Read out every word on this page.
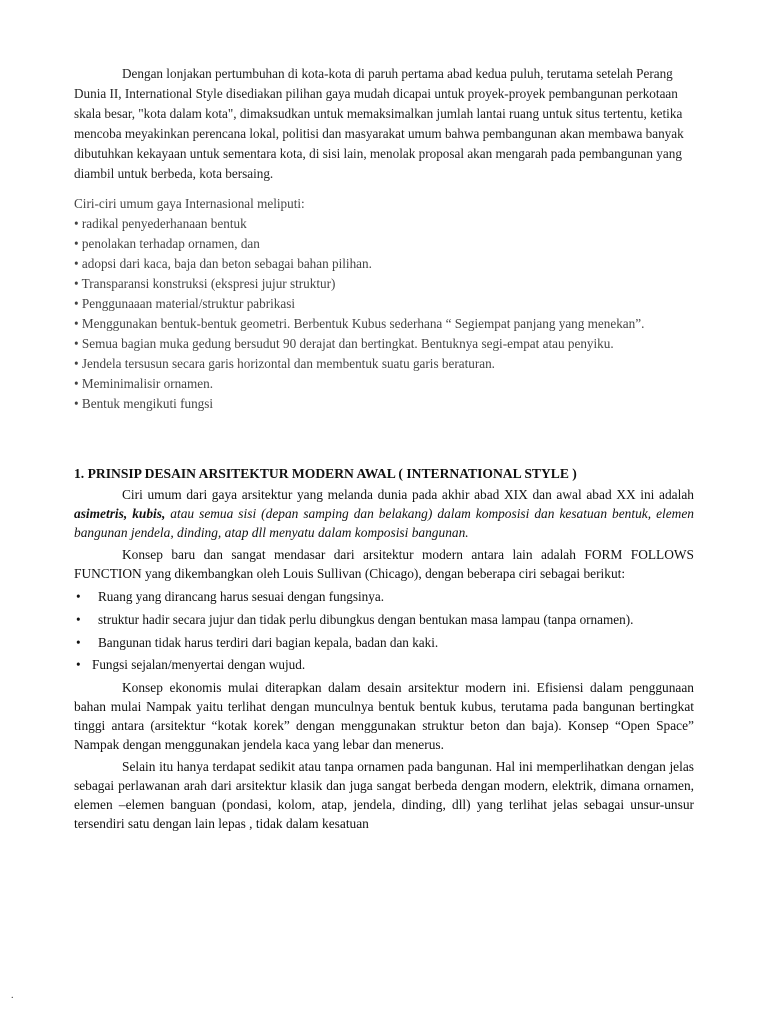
Dengan lonjakan pertumbuhan di kota-kota di paruh pertama abad kedua puluh, terutama setelah Perang Dunia II, International Style disediakan pilihan gaya mudah dicapai untuk proyek-proyek pembangunan perkotaan skala besar, "kota dalam kota", dimaksudkan untuk memaksimalkan jumlah lantai ruang untuk situs tertentu, ketika mencoba meyakinkan perencana lokal, politisi dan masyarakat umum bahwa pembangunan akan membawa banyak dibutuhkan kekayaan untuk sementara kota, di sisi lain, menolak proposal akan mengarah pada pembangunan yang diambil untuk berbeda, kota bersaing.

Ciri-ciri umum gaya Internasional meliputi:

• radikal penyederhanaan bentuk
• penolakan terhadap ornamen, dan
• adopsi dari kaca, baja dan beton sebagai bahan pilihan.
• Transparansi konstruksi (ekspresi jujur struktur)
• Penggunaaan material/struktur pabrikasi
• Menggunakan bentuk-bentuk geometri. Berbentuk Kubus sederhana “ Segiempat panjang yang menekan”.
• Semua bagian muka gedung bersudut 90 derajat dan bertingkat. Bentuknya segi-empat atau penyiku.
• Jendela tersusun secara garis horizontal dan membentuk suatu garis beraturan.
• Meminimalisir ornamen.
• Bentuk mengikuti fungsi
1. PRINSIP DESAIN ARSITEKTUR MODERN AWAL ( INTERNATIONAL STYLE )

Ciri umum dari gaya arsitektur yang melanda dunia pada akhir abad XIX dan awal abad XX ini adalah asimetris, kubis, atau semua sisi (depan samping dan belakang) dalam komposisi dan kesatuan bentuk, elemen bangunan jendela, dinding, atap dll menyatu dalam komposisi bangunan.

Konsep baru dan sangat mendasar dari arsitektur modern antara lain adalah FORM FOLLOWS FUNCTION yang dikembangkan oleh Louis Sullivan (Chicago), dengan beberapa ciri sebagai berikut:

• Ruang yang dirancang harus sesuai dengan fungsinya.
• struktur hadir secara jujur dan tidak perlu dibungkus dengan bentukan masa lampau (tanpa ornamen).
• Bangunan tidak harus terdiri dari bagian kepala, badan dan kaki.
• Fungsi sejalan/menyertai dengan wujud.

Konsep ekonomis mulai diterapkan dalam desain arsitektur modern ini. Efisiensi dalam penggunaan bahan mulai Nampak yaitu terlihat dengan munculnya bentuk bentuk kubus, terutama pada bangunan bertingkat tinggi antara (arsitektur “kotak korek” dengan menggunakan struktur beton dan baja). Konsep “Open Space” Nampak dengan menggunakan jendela kaca yang lebar dan menerus.

Selain itu hanya terdapat sedikit atau tanpa ornamen pada bangunan. Hal ini memperlihatkan dengan jelas sebagai perlawanan arah dari arsitektur klasik dan juga sangat berbeda dengan modern, elektrik, dimana ornamen, elemen –elemen banguan (pondasi, kolom, atap, jendela, dinding, dll) yang terlihat jelas sebagai unsur-unsur tersendiri satu dengan lain lepas , tidak dalam kesatuan

.
